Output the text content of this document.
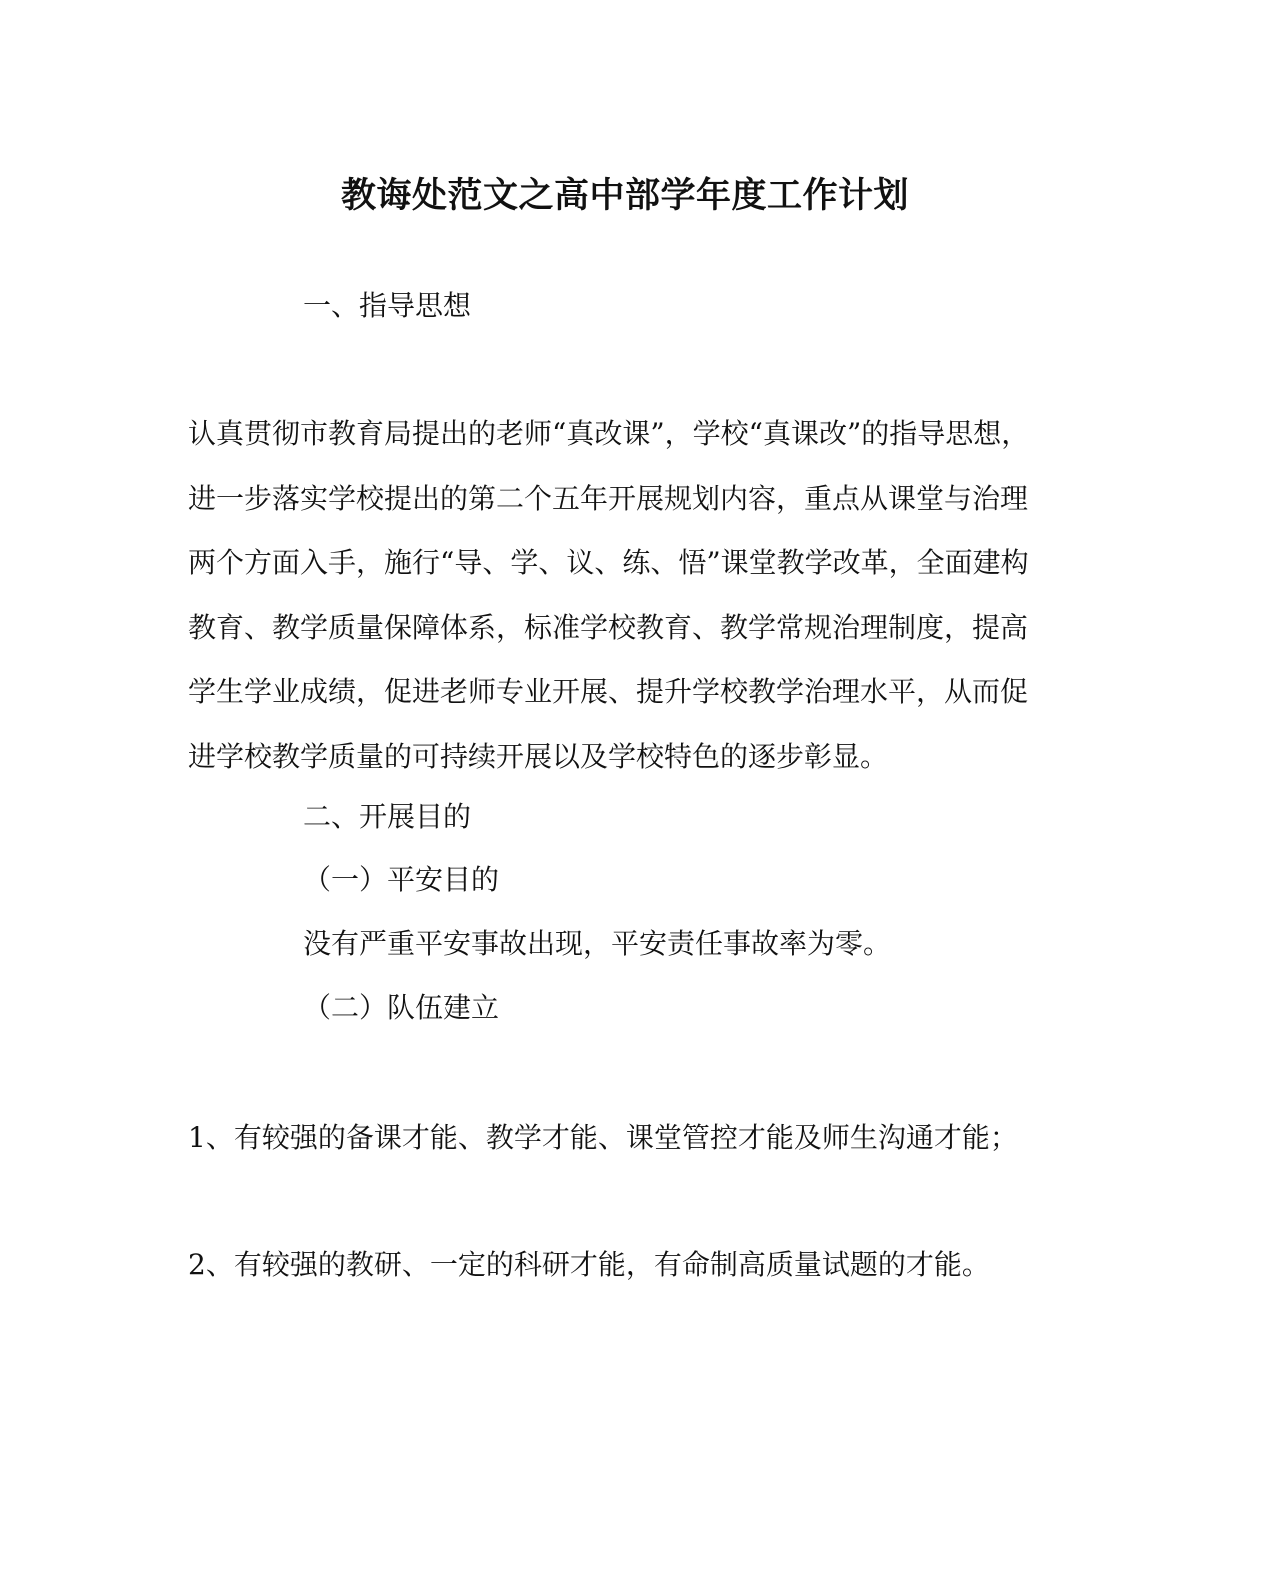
教诲处范文之高中部学年度工作计划
一、指导思想
认真贯彻市教育局提出的老师“真改课”，学校“真课改”的指导思想，
进一步落实学校提出的第二个五年开展规划内容，重点从课堂与治理
两个方面入手，施行“导、学、议、练、悟”课堂教学改革，全面建构
教育、教学质量保障体系，标准学校教育、教学常规治理制度，提高
学生学业成绩，促进老师专业开展、提升学校教学治理水平，从而促
进学校教学质量的可持续开展以及学校特色的逐步彰显。
二、开展目的
（一）平安目的
没有严重平安事故出现，平安责任事故率为零。
（二）队伍建立
1、有较强的备课才能、教学才能、课堂管控才能及师生沟通才能；
2、有较强的教研、一定的科研才能，有命制高质量试题的才能。
